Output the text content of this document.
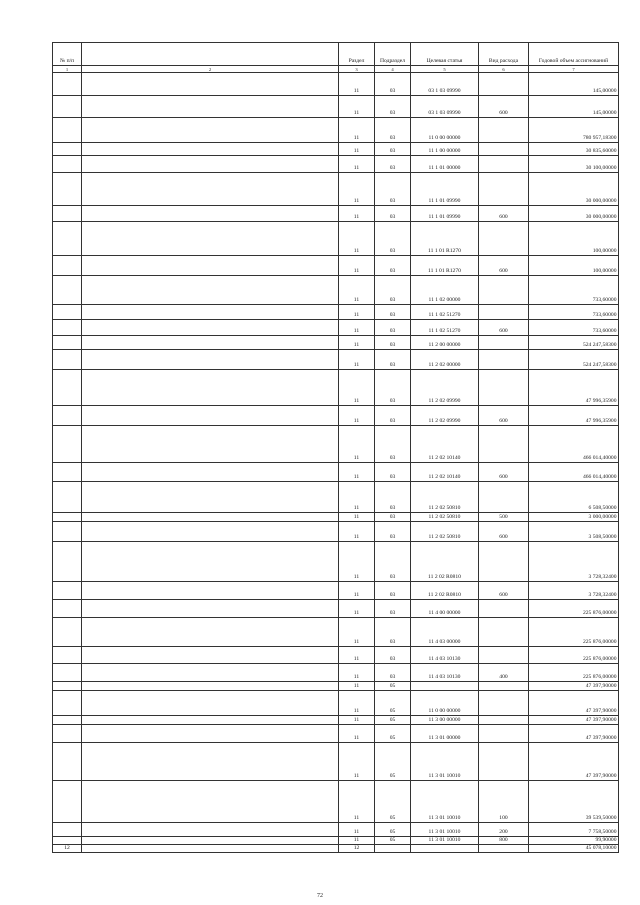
№ п/п		Раздел	Подраздел	Целевая статья	Вид расхода	Годовой объем ассигнований
1	2	3	4	5	6	7
		11	03	03 1 03 09990		145,00000
		11	03	03 1 03 09990	600	145,00000
		11	03	11 0 00 00000		780 957,18300
		11	03	11 1 00 00000		30 835,60000
		11	03	11 1 01 00000		30 100,00000
		11	03	11 1 01 09990		30 000,00000
		11	03	11 1 01 09990	600	30 000,00000
		11	03	11 1 01 R1270		100,00000
		11	03	11 1 01 R1270	600	100,00000
		11	03	11 1 02 00000		733,60000
		11	03	11 1 02 51270		733,60000
		11	03	11 1 02 51270	600	733,60000
		11	03	11 2 00 00000		524 247,58300
		11	03	11 2 02 00000		524 247,58300
		11	03	11 2 02 09990		47 996,35900
		11	03	11 2 02 09990	600	47 996,35900
		11	03	11 2 02 10140		466 014,40000
		11	03	11 2 02 10140	600	466 014,40000
		11	03	11 2 02 50810		6 508,50000
		11	03	11 2 02 50810	500	3 000,00000
		11	03	11 2 02 50810	600	3 508,50000
		11	03	11 2 02 R0810		3 728,32400
		11	03	11 2 02 R0810	600	3 728,32400
		11	03	11 4 00 00000		225 876,00000
		11	03	11 4 03 00000		225 876,00000
		11	03	11 4 03 10130		225 876,00000
		11	03	11 4 03 10130	400	225 876,00000
		11	05			47 397,90000
		11	05	11 0 00 00000		47 397,90000
		11	05	11 3 00 00000		47 397,90000
		11	05	11 3 01 00000		47 397,90000
		11	05	11 3 01 10010		47 397,90000
		11	05	11 3 01 10010	100	39 539,50000
		11	05	11 3 01 10010	200	7 758,50000
		11	05	11 3 01 10010	800	99,90000
12		12				45 078,10000
72
